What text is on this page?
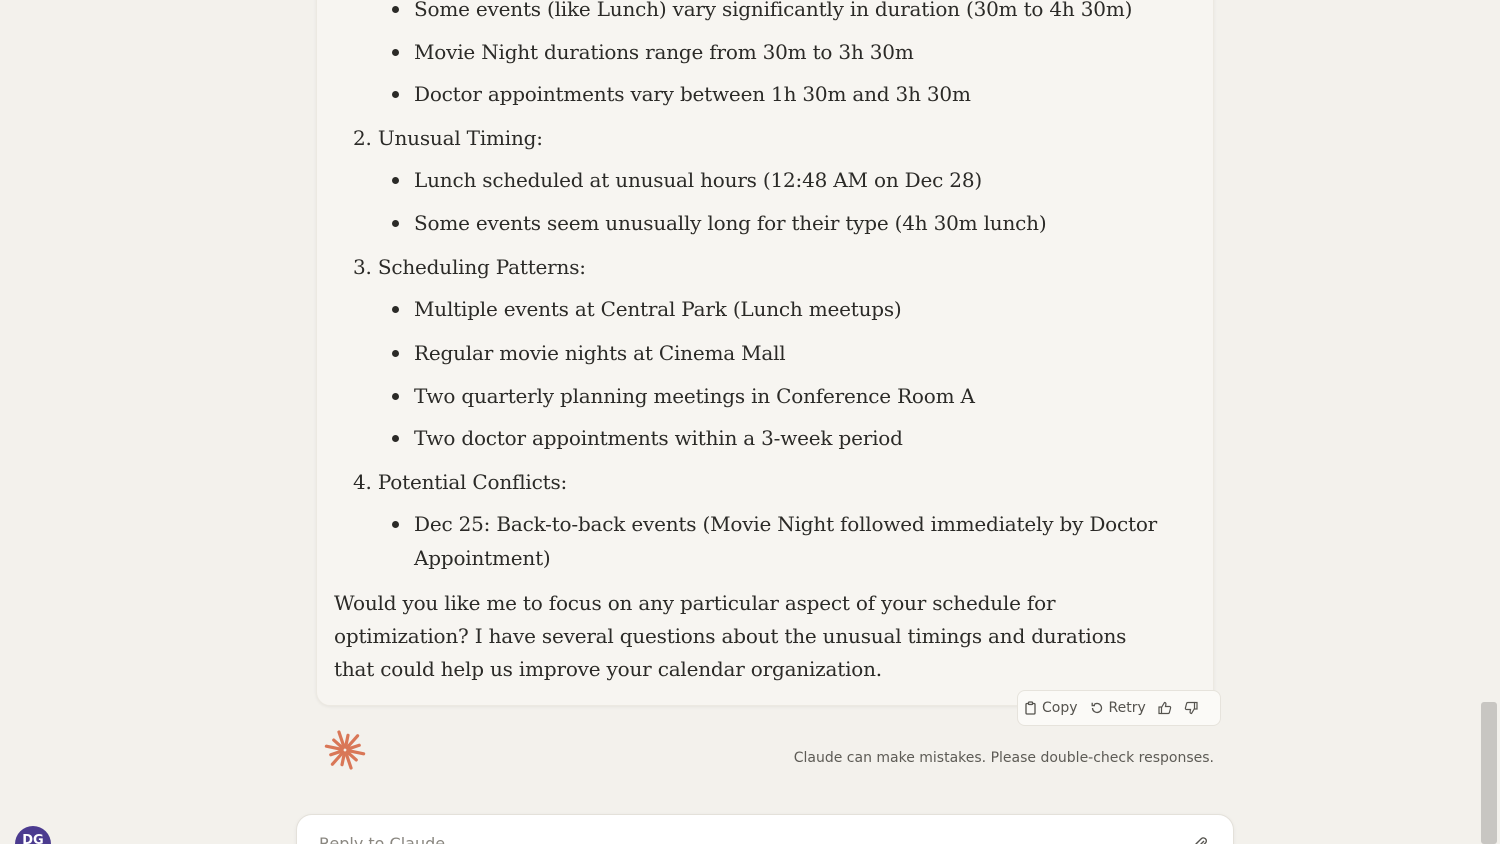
Some events (like Lunch) vary significantly in duration (30m to 4h 30m)
Movie Night durations range from 30m to 3h 30m
Doctor appointments vary between 1h 30m and 3h 30m
2. Unusual Timing:
Lunch scheduled at unusual hours (12:48 AM on Dec 28)
Some events seem unusually long for their type (4h 30m lunch)
3. Scheduling Patterns:
Multiple events at Central Park (Lunch meetups)
Regular movie nights at Cinema Mall
Two quarterly planning meetings in Conference Room A
Two doctor appointments within a 3-week period
4. Potential Conflicts:
Dec 25: Back-to-back events (Movie Night followed immediately by Doctor
Appointment)
Would you like me to focus on any particular aspect of your schedule for optimization? I have several questions about the unusual timings and durations that could help us improve your calendar organization.
Copy Retry
Claude can make mistakes. Please double-check responses.
DG
Reply to Claude...
